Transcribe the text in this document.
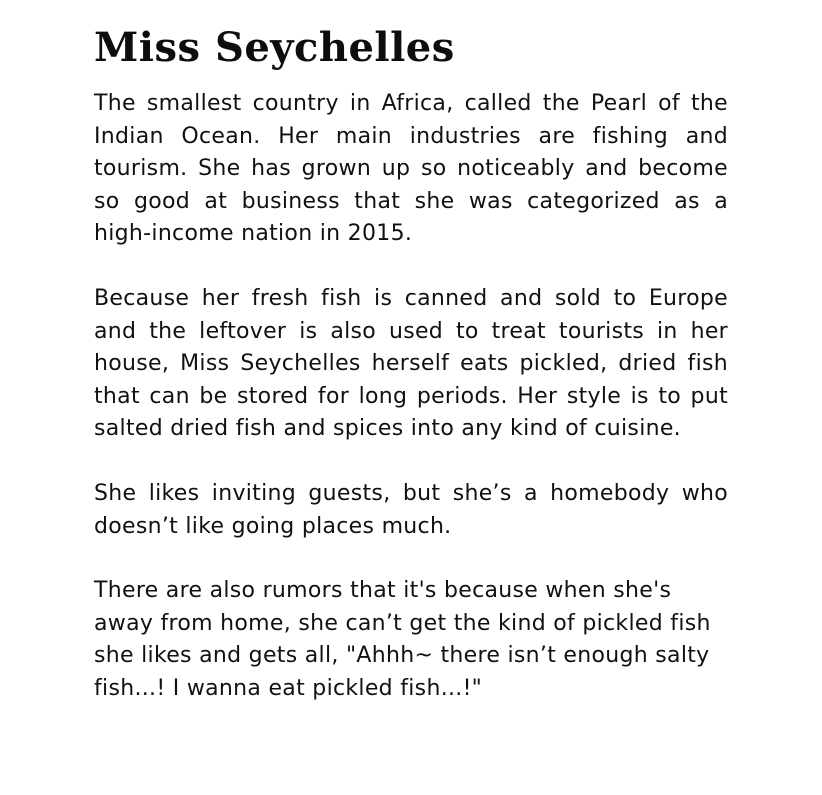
Miss Seychelles

The smallest country in Africa, called the Pearl of the Indian Ocean. Her main industries are fishing and tourism. She has grown up so noticeably and become so good at business that she was categorized as a high-income nation in 2015.

Because her fresh fish is canned and sold to Europe and the leftover is also used to treat tourists in her house, Miss Seychelles herself eats pickled, dried fish that can be stored for long periods. Her style is to put salted dried fish and spices into any kind of cuisine.

She likes inviting guests, but she’s a homebody who doesn’t like going places much.

There are also rumors that it's because when she's away from home, she can’t get the kind of pickled fish she likes and gets all, "Ahhh~ there isn’t enough salty fish...! I wanna eat pickled fish...!"
